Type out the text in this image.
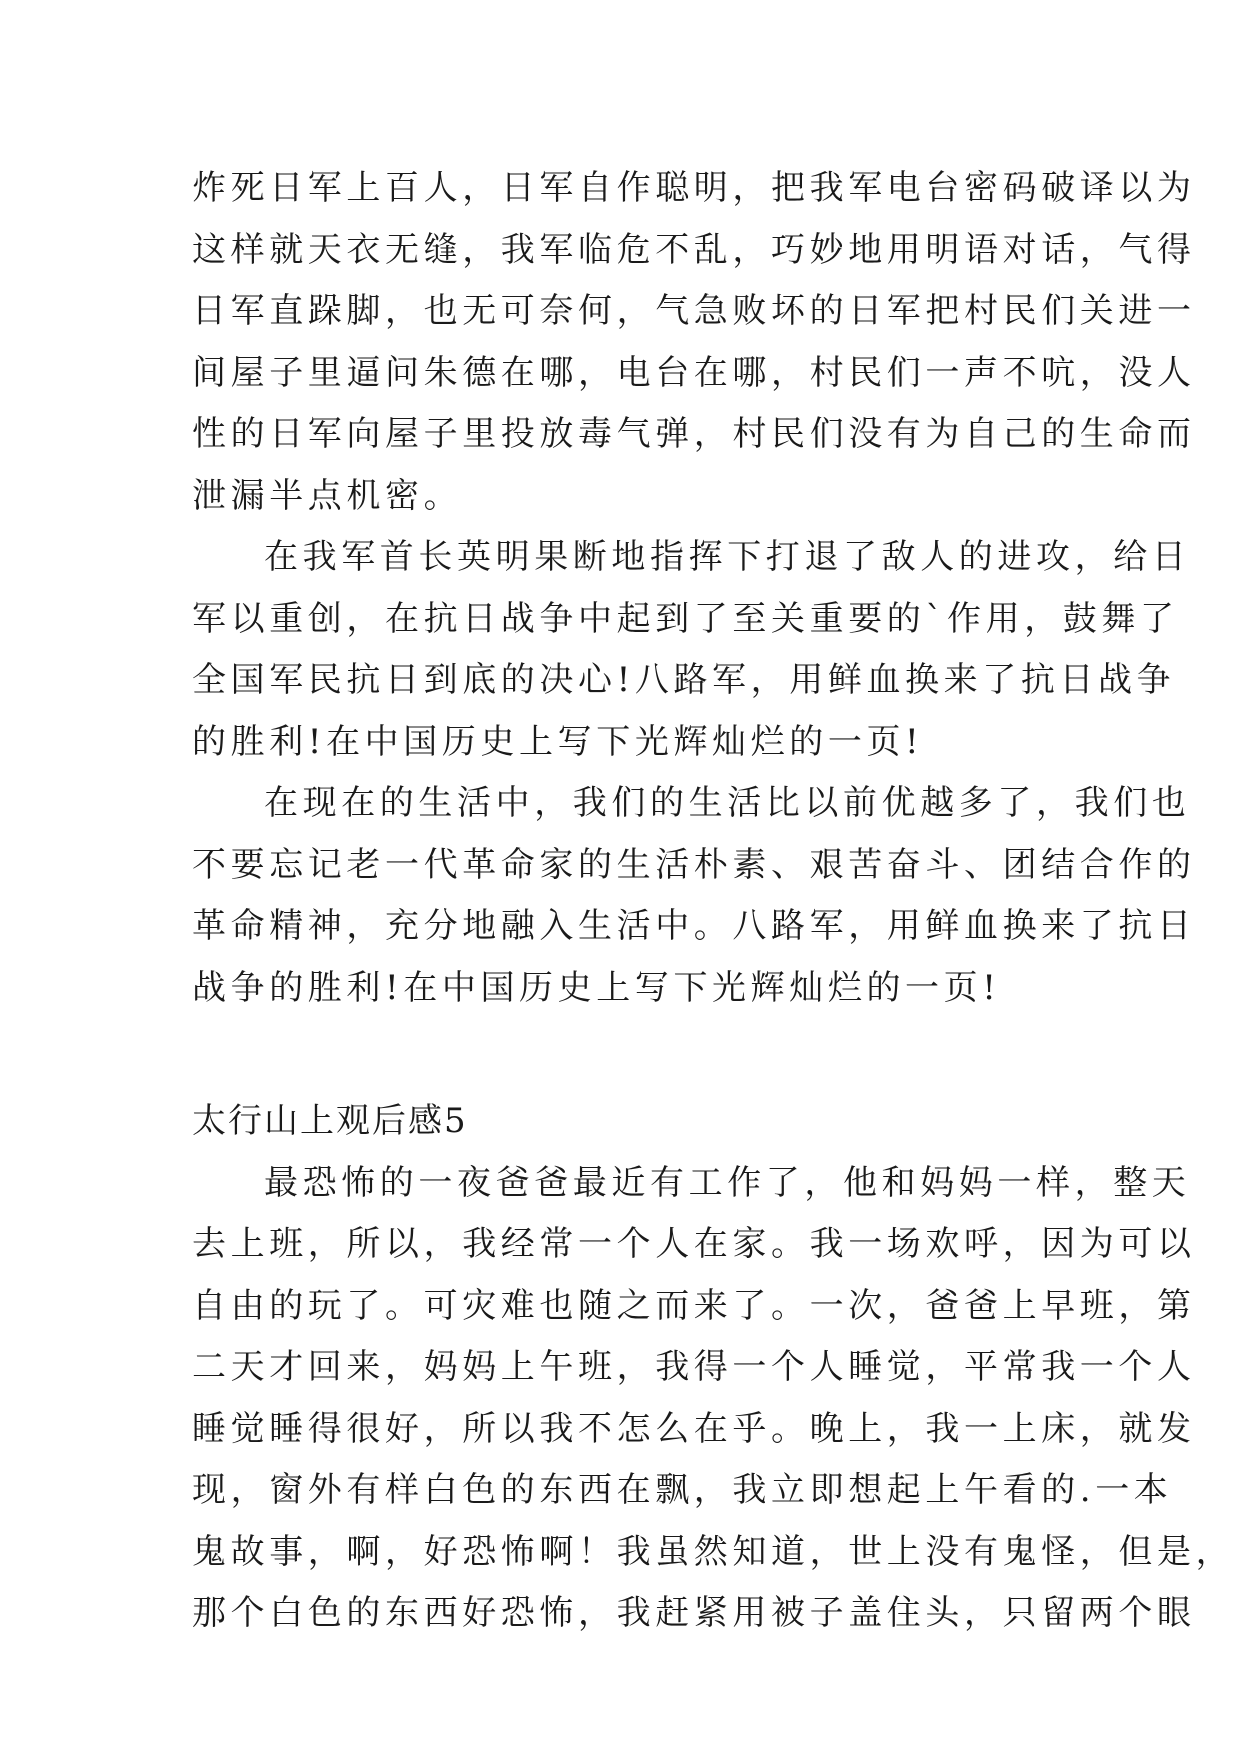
炸死日军上百人，日军自作聪明，把我军电台密码破译以为
这样就天衣无缝，我军临危不乱，巧妙地用明语对话，气得
日军直跺脚，也无可奈何，气急败坏的日军把村民们关进一
间屋子里逼问朱德在哪，电台在哪，村民们一声不吭，没人
性的日军向屋子里投放毒气弹，村民们没有为自己的生命而
泄漏半点机密。
在我军首长英明果断地指挥下打退了敌人的进攻，给日
军以重创，在抗日战争中起到了至关重要的`作用，鼓舞了
全国军民抗日到底的决心!八路军，用鲜血换来了抗日战争
的胜利!在中国历史上写下光辉灿烂的一页!
在现在的生活中，我们的生活比以前优越多了，我们也
不要忘记老一代革命家的生活朴素、艰苦奋斗、团结合作的
革命精神，充分地融入生活中。八路军，用鲜血换来了抗日
战争的胜利!在中国历史上写下光辉灿烂的一页!
太行山上观后感5
最恐怖的一夜爸爸最近有工作了，他和妈妈一样，整天
去上班，所以，我经常一个人在家。我一场欢呼，因为可以
自由的玩了。可灾难也随之而来了。一次，爸爸上早班，第
二天才回来，妈妈上午班，我得一个人睡觉，平常我一个人
睡觉睡得很好，所以我不怎么在乎。晚上，我一上床，就发
现，窗外有样白色的东西在飘，我立即想起上午看的.一本
鬼故事，啊，好恐怖啊！我虽然知道，世上没有鬼怪，但是，
那个白色的东西好恐怖，我赶紧用被子盖住头，只留两个眼
